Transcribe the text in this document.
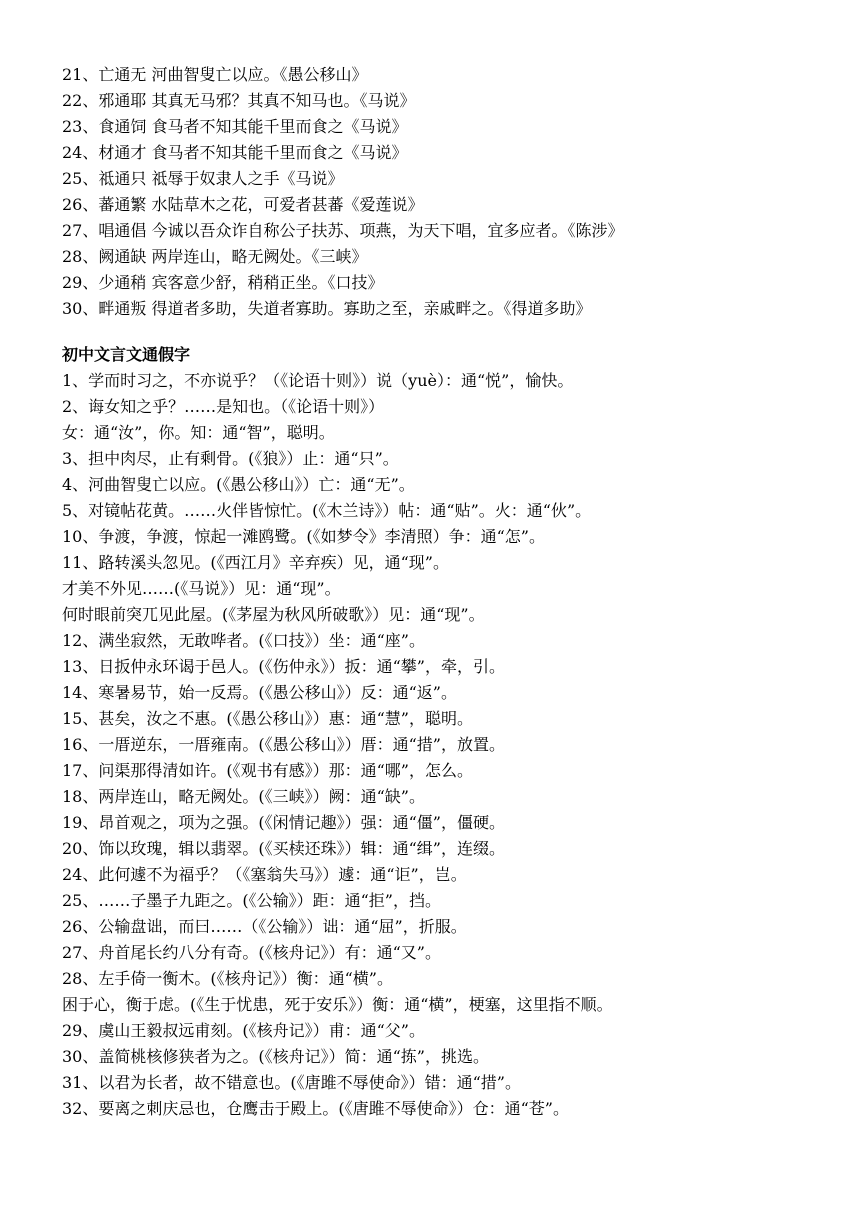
21、亡通无 河曲智叟亡以应。《愚公移山》
22、邪通耶 其真无马邪？其真不知马也。《马说》
23、食通饲 食马者不知其能千里而食之《马说》
24、材通才 食马者不知其能千里而食之《马说》
25、祗通只 祗辱于奴隶人之手《马说》
26、蕃通繁 水陆草木之花，可爱者甚蕃《爱莲说》
27、唱通倡 今诚以吾众诈自称公子扶苏、项燕，为天下唱，宜多应者。《陈涉》
28、阙通缺 两岸连山，略无阙处。《三峡》
29、少通稍 宾客意少舒，稍稍正坐。《口技》
30、畔通叛 得道者多助，失道者寡助。寡助之至，亲戚畔之。《得道多助》
初中文言文通假字
1、学而时习之，不亦说乎？（《论语十则》）说（yuè）：通“悦”，愉快。
2、诲女知之乎？……是知也。（《论语十则》）
女：通“汝”，你。知：通“智”，聪明。
3、担中肉尽，止有剩骨。(《狼》）止：通“只”。
4、河曲智叟亡以应。(《愚公移山》）亡：通“无”。
5、对镜帖花黄。……火伴皆惊忙。(《木兰诗》）帖：通“贴”。火：通“伙”。
10、争渡，争渡，惊起一滩鸥鹭。(《如梦令》李清照）争：通“怎”。
11、路转溪头忽见。(《西江月》辛弃疾）见，通“现”。
才美不外见……(《马说》）见：通“现”。
何时眼前突兀见此屋。(《茅屋为秋风所破歌》）见：通“现”。
12、满坐寂然，无敢哗者。(《口技》）坐：通“座”。
13、日扳仲永环谒于邑人。(《伤仲永》）扳：通“攀”，牵，引。
14、寒暑易节，始一反焉。(《愚公移山》）反：通“返”。
15、甚矣，汝之不惠。(《愚公移山》）惠：通“慧”，聪明。
16、一厝逆东，一厝雍南。(《愚公移山》）厝：通“措”，放置。
17、问渠那得清如许。(《观书有感》）那：通“哪”，怎么。
18、两岸连山，略无阙处。(《三峡》）阙：通“缺”。
19、昂首观之，项为之强。(《闲情记趣》）强：通“僵”，僵硬。
20、饰以玫瑰，辑以翡翠。(《买椟还珠》）辑：通“缉”，连缀。
24、此何遽不为福乎？（《塞翁失马》）遽：通“讵”，岂。
25、……子墨子九距之。(《公输》）距：通“拒”，挡。
26、公输盘诎，而曰……（《公输》）诎：通“屈”，折服。
27、舟首尾长约八分有奇。(《核舟记》）有：通“又”。
28、左手倚一衡木。(《核舟记》）衡：通“横”。
困于心，衡于虑。(《生于忧患，死于安乐》）衡：通“横”，梗塞，这里指不顺。
29、虞山王毅叔远甫刻。(《核舟记》）甫：通“父”。
30、盖简桃核修狭者为之。(《核舟记》）简：通“拣”，挑选。
31、以君为长者，故不错意也。(《唐雎不辱使命》）错：通“措”。
32、要离之刺庆忌也，仓鹰击于殿上。(《唐雎不辱使命》）仓：通“苍”。
